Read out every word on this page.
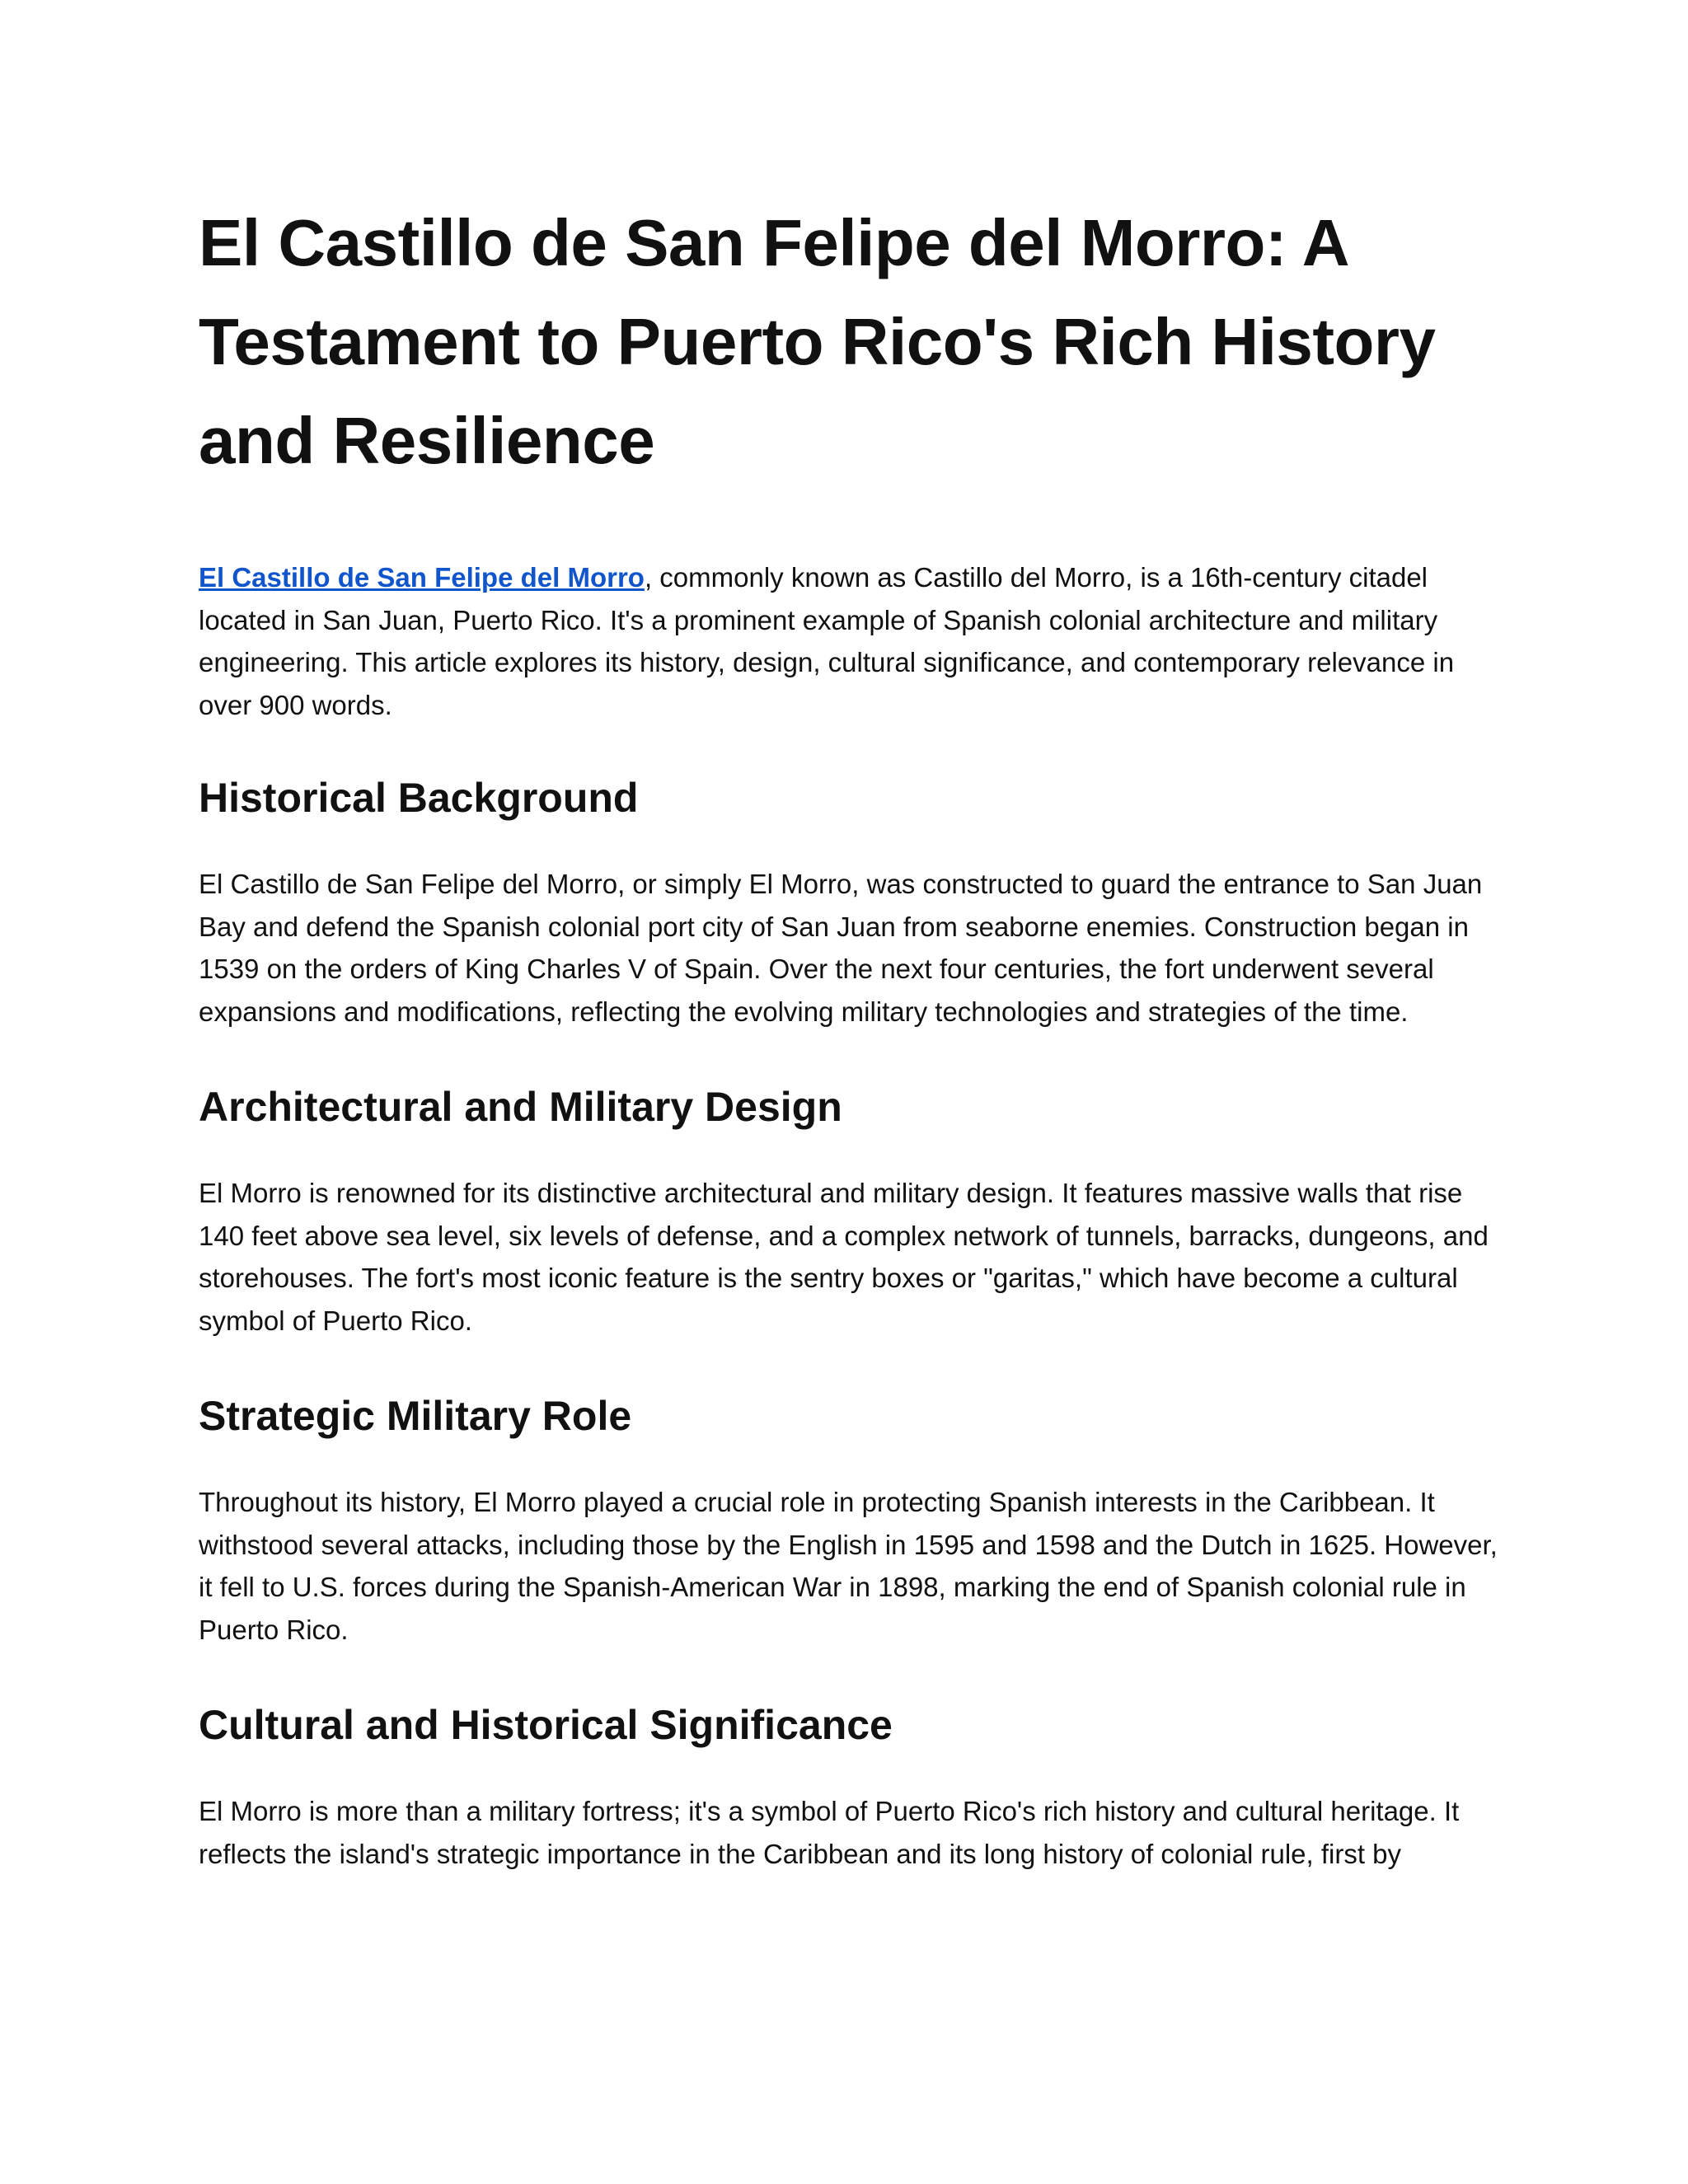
El Castillo de San Felipe del Morro: A Testament to Puerto Rico's Rich History and Resilience

El Castillo de San Felipe del Morro, commonly known as Castillo del Morro, is a 16th-century citadel located in San Juan, Puerto Rico. It's a prominent example of Spanish colonial architecture and military engineering. This article explores its history, design, cultural significance, and contemporary relevance in over 900 words.

Historical Background

El Castillo de San Felipe del Morro, or simply El Morro, was constructed to guard the entrance to San Juan Bay and defend the Spanish colonial port city of San Juan from seaborne enemies. Construction began in 1539 on the orders of King Charles V of Spain. Over the next four centuries, the fort underwent several expansions and modifications, reflecting the evolving military technologies and strategies of the time.

Architectural and Military Design

El Morro is renowned for its distinctive architectural and military design. It features massive walls that rise 140 feet above sea level, six levels of defense, and a complex network of tunnels, barracks, dungeons, and storehouses. The fort's most iconic feature is the sentry boxes or "garitas," which have become a cultural symbol of Puerto Rico.

Strategic Military Role

Throughout its history, El Morro played a crucial role in protecting Spanish interests in the Caribbean. It withstood several attacks, including those by the English in 1595 and 1598 and the Dutch in 1625. However, it fell to U.S. forces during the Spanish-American War in 1898, marking the end of Spanish colonial rule in Puerto Rico.

Cultural and Historical Significance

El Morro is more than a military fortress; it's a symbol of Puerto Rico's rich history and cultural heritage. It reflects the island's strategic importance in the Caribbean and its long history of colonial rule, first by
